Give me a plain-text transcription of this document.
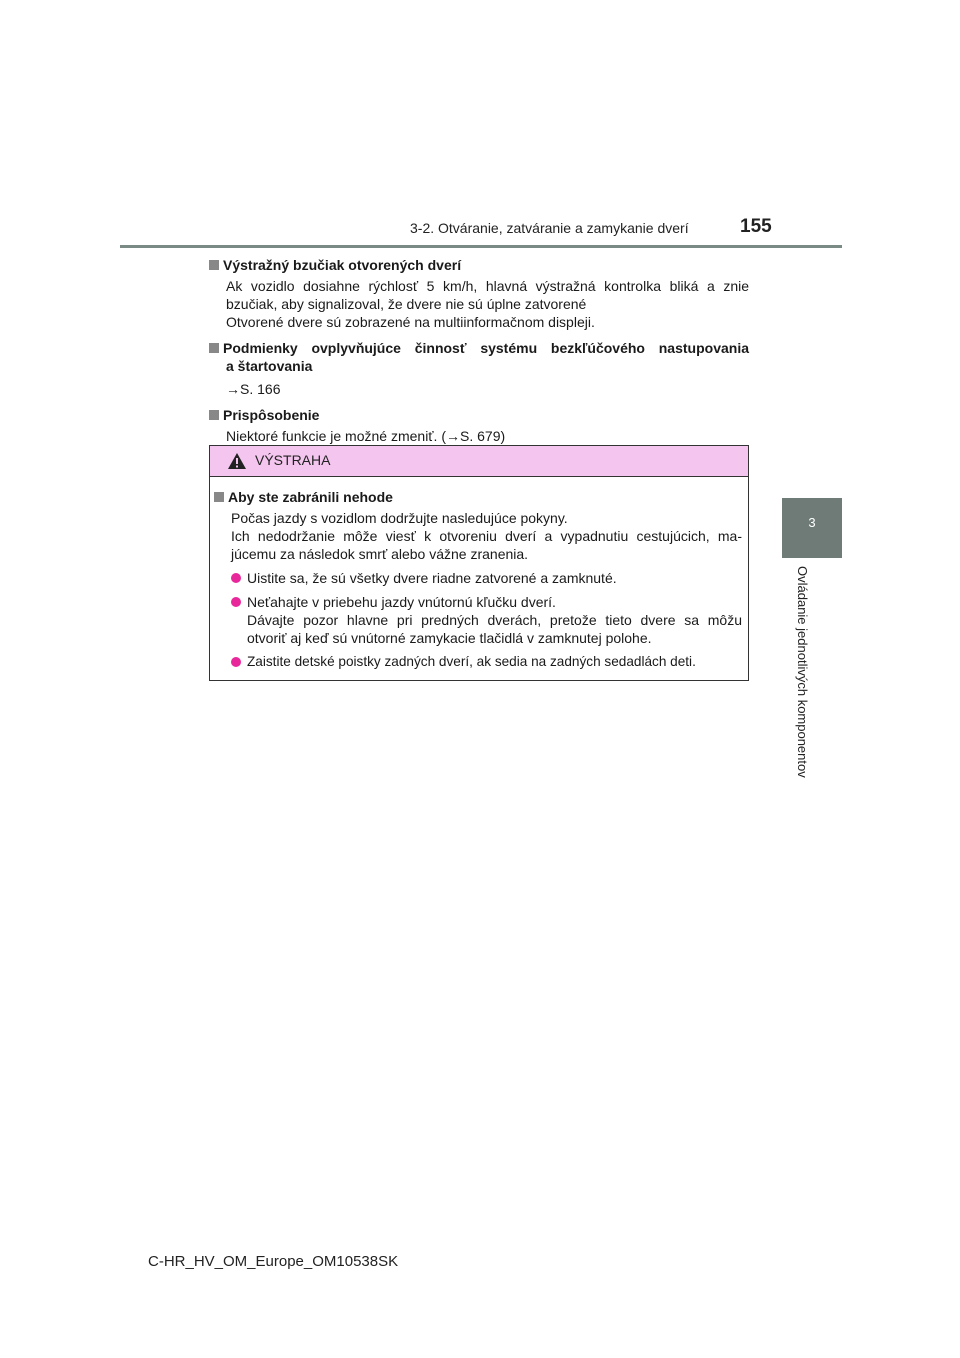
3-2. Otváranie, zatváranie a zamykanie dverí	155
3
Ovládanie jednotlivých komponentov
Výstražný bzučiak otvorených dverí
Ak vozidlo dosiahne rýchlosť 5 km/h, hlavná výstražná kontrolka bliká a znie
bzučiak, aby signalizoval, že dvere nie sú úplne zatvorené
Otvorené dvere sú zobrazené na multiinformačnom displeji.
Podmienky ovplyvňujúce činnosť systému bezkľúčového nastupovania
a štartovania
→S. 166
Prispôsobenie
Niektoré funkcie je možné zmeniť. (→S. 679)
VÝSTRAHA
Aby ste zabránili nehode
Počas jazdy s vozidlom dodržujte nasledujúce pokyny.
Ich nedodržanie môže viesť k otvoreniu dverí a vypadnutiu cestujúcich, ma-
júcemu za následok smrť alebo vážne zranenia.
Uistite sa, že sú všetky dvere riadne zatvorené a zamknuté.
Neťahajte v priebehu jazdy vnútornú kľučku dverí.
Dávajte pozor hlavne pri predných dverách, pretože tieto dvere sa môžu
otvoriť aj keď sú vnútorné zamykacie tlačidlá v zamknutej polohe.
Zaistite detské poistky zadných dverí, ak sedia na zadných sedadlách deti.
C-HR_HV_OM_Europe_OM10538SK
